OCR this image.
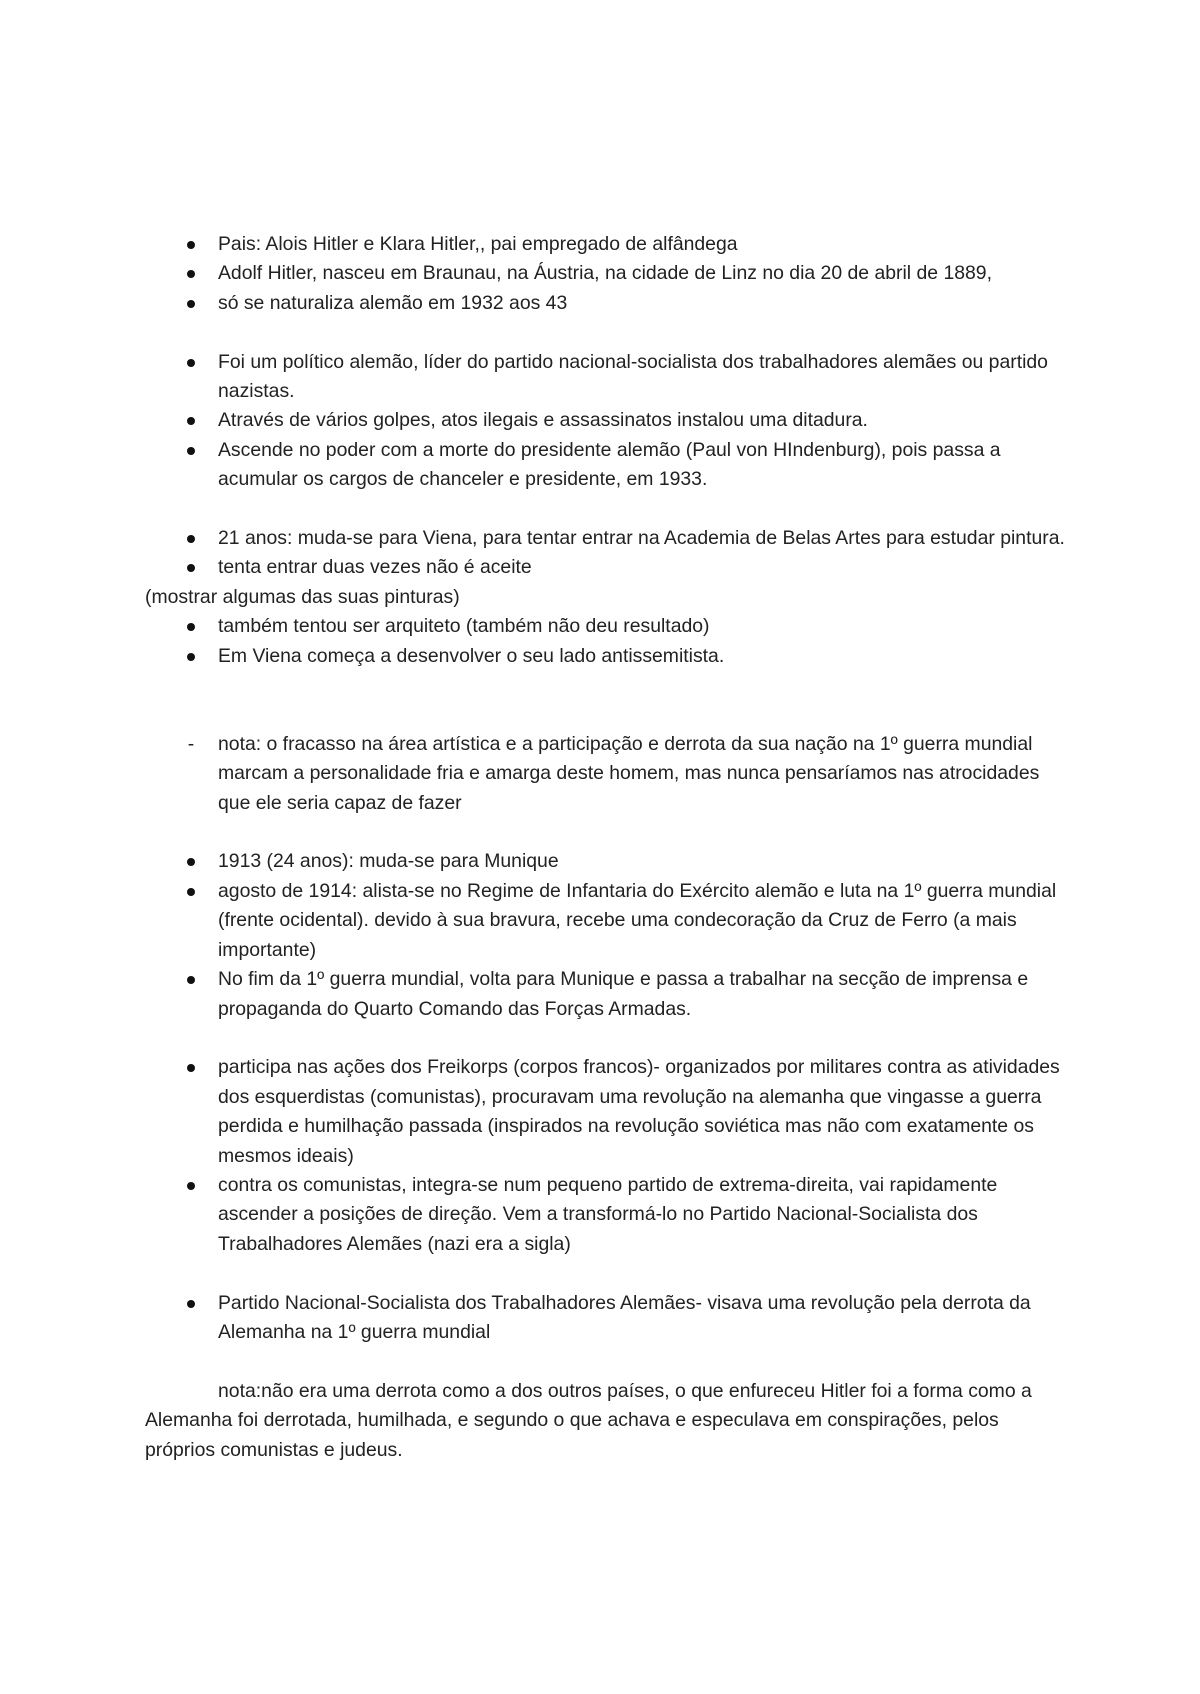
Pais: Alois Hitler e Klara Hitler,, pai empregado de alfândega
Adolf Hitler, nasceu em Braunau, na Áustria, na cidade de Linz no dia 20 de abril de 1889,
só se naturaliza alemão em 1932 aos 43
Foi um político alemão, líder do partido nacional-socialista dos trabalhadores alemães ou partido nazistas.
Através de vários golpes, atos ilegais e assassinatos instalou uma ditadura.
Ascende no poder com a morte do presidente alemão (Paul von HIndenburg), pois passa a acumular os cargos de chanceler e presidente, em 1933.
21 anos: muda-se para Viena, para tentar entrar na Academia de Belas Artes para estudar pintura.
tenta entrar duas vezes não é aceite

(mostrar algumas das suas pinturas)

também tentou ser arquiteto (também não deu resultado)
Em Viena começa a desenvolver o seu lado antissemitista.
- nota: o fracasso na área artística e a participação e derrota da sua nação na 1º guerra mundial marcam a personalidade fria e amarga deste homem, mas nunca pensaríamos nas atrocidades que ele seria capaz de fazer
1913 (24 anos): muda-se para Munique
agosto de 1914: alista-se no Regime de Infantaria do Exército alemão e luta na 1º guerra mundial (frente ocidental). devido à sua bravura, recebe uma condecoração da Cruz de Ferro (a mais importante)
No fim da 1º guerra mundial, volta para Munique e passa a trabalhar na secção de imprensa e propaganda do Quarto Comando das Forças Armadas.
participa nas ações dos Freikorps (corpos francos)- organizados por militares contra as atividades dos esquerdistas (comunistas), procuravam uma revolução na alemanha que vingasse a guerra perdida e humilhação passada (inspirados na revolução soviética mas não com exatamente os mesmos ideais)
contra os comunistas, integra-se num pequeno partido de extrema-direita, vai rapidamente ascender a posições de direção. Vem a transformá-lo no Partido Nacional-Socialista dos Trabalhadores Alemães (nazi era a sigla)
Partido Nacional-Socialista dos Trabalhadores Alemães- visava uma revolução pela derrota da Alemanha na 1º guerra mundial

nota:não era uma derrota como a dos outros países, o que enfureceu Hitler foi a forma como a Alemanha foi derrotada, humilhada, e segundo o que achava e especulava em conspirações, pelos próprios comunistas e judeus.
